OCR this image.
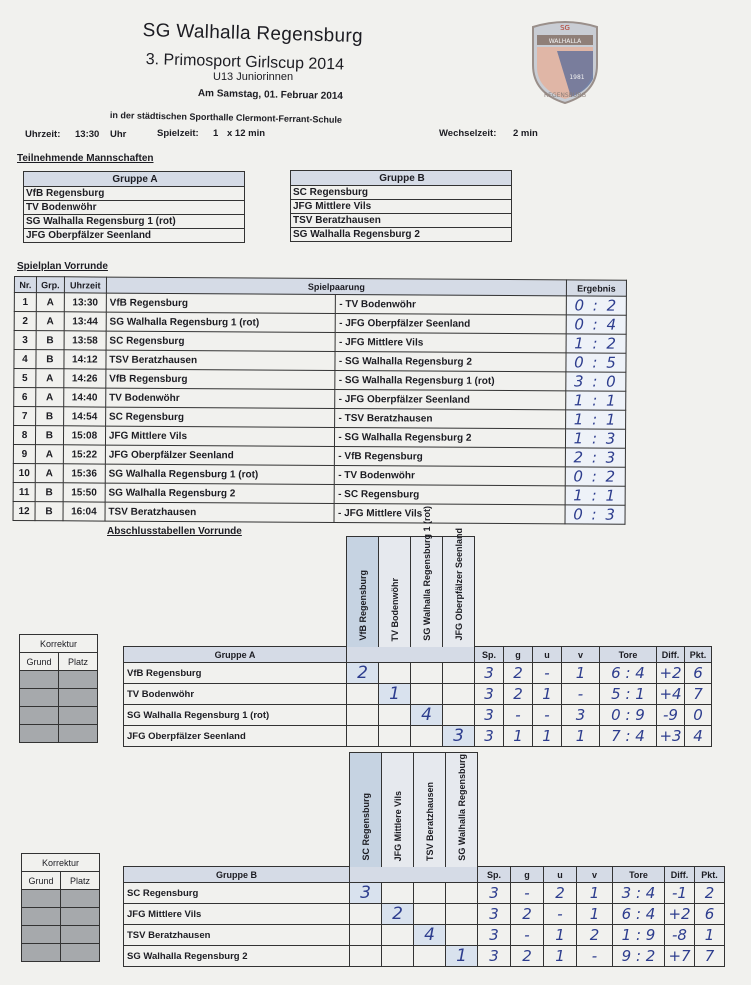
SG Walhalla Regensburg
3. Primosport Girlscup 2014
U13 Juniorinnen
Am Samstag, 01. Februar 2014
in der städtischen Sporthalle Clermont-Ferrant-Schule
Uhrzeit: 13:30 Uhr	Spielzeit: 1 x 12 min	Wechselzeit: 2 min
SG
WALHALLA
1981
REGENSBURG
Teilnehmende Mannschaften
Gruppe A
VfB Regensburg
TV Bodenwöhr
SG Walhalla Regensburg 1 (rot)
JFG Oberpfälzer Seenland
Gruppe B
SC Regensburg
JFG Mittlere Vils
TSV Beratzhausen
SG Walhalla Regensburg 2
Spielplan Vorrunde
Nr.	Grp.	Uhrzeit	Spielpaarung		Ergebnis
1	A	13:30	VfB Regensburg	- TV Bodenwöhr	0 : 2
2	A	13:44	SG Walhalla Regensburg 1 (rot)	- JFG Oberpfälzer Seenland	0 : 4
3	B	13:58	SC Regensburg	- JFG Mittlere Vils	1 : 2
4	B	14:12	TSV Beratzhausen	- SG Walhalla Regensburg 2	0 : 5
5	A	14:26	VfB Regensburg	- SG Walhalla Regensburg 1 (rot)	3 : 0
6	A	14:40	TV Bodenwöhr	- JFG Oberpfälzer Seenland	1 : 1
7	B	14:54	SC Regensburg	- TSV Beratzhausen	1 : 1
8	B	15:08	JFG Mittlere Vils	- SG Walhalla Regensburg 2	1 : 3
9	A	15:22	JFG Oberpfälzer Seenland	- VfB Regensburg	2 : 3
10	A	15:36	SG Walhalla Regensburg 1 (rot)	- TV Bodenwöhr	0 : 2
11	B	15:50	SG Walhalla Regensburg 2	- SC Regensburg	1 : 1
12	B	16:04	TSV Beratzhausen	- JFG Mittlere Vils	0 : 3
Abschlusstabellen Vorrunde
VfB Regensburg TV Bodenwöhr SG Walhalla Regensburg 1 (rot) JFG Oberpfälzer Seenland
Korrektur	
Grund	Platz

Gruppe A					Sp.	g	u	v	Tore	Diff.	Pkt.
VfB Regensburg	2				3	2	-	1	6 : 4	+2	6
TV Bodenwöhr		1			3	2	1	-	5 : 1	+4	7
SG Walhalla Regensburg 1 (rot)			4		3	-	-	3	0 : 9	-9	0
JFG Oberpfälzer Seenland				3	3	1	1	1	7 : 4	+3	4
SC Regensburg JFG Mittlere Vils TSV Beratzhausen SG Walhalla Regensburg
Korrektur	
Grund	Platz

Gruppe B					Sp.	g	u	v	Tore	Diff.	Pkt.
SC Regensburg	3				3	-	2	1	3 : 4	-1	2
JFG Mittlere Vils		2			3	2	-	1	6 : 4	+2	6
TSV Beratzhausen			4		3	-	1	2	1 : 9	-8	1
SG Walhalla Regensburg 2				1	3	2	1	-	9 : 2	+7	7
